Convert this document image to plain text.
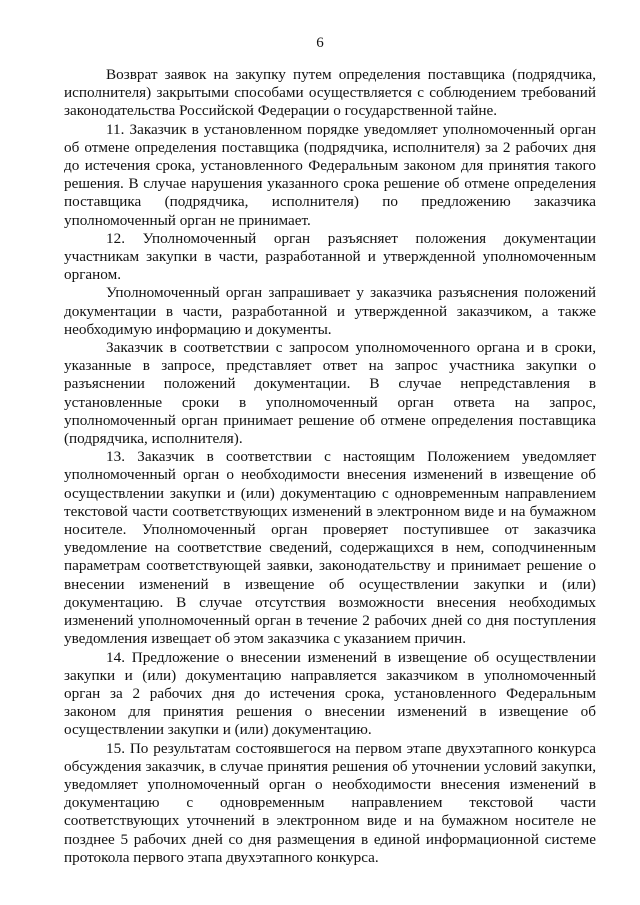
6

Возврат заявок на закупку путем определения поставщика (подрядчика, исполнителя) закрытыми способами осуществляется с соблюдением требований законодательства Российской Федерации о государственной тайне.

11. Заказчик в установленном порядке уведомляет уполномоченный орган об отмене определения поставщика (подрядчика, исполнителя) за 2 рабочих дня до истечения срока, установленного Федеральным законом для принятия такого решения. В случае нарушения указанного срока решение об отмене определения поставщика (подрядчика, исполнителя) по предложению заказчика уполномоченный орган не принимает.

12. Уполномоченный орган разъясняет положения документации участникам закупки в части, разработанной и утвержденной уполномоченным органом.

Уполномоченный орган запрашивает у заказчика разъяснения положений документации в части, разработанной и утвержденной заказчиком, а также необходимую информацию и документы.

Заказчик в соответствии с запросом уполномоченного органа и в сроки, указанные в запросе, представляет ответ на запрос участника закупки о разъяснении положений документации. В случае непредставления в установленные сроки в уполномоченный орган ответа на запрос, уполномоченный орган принимает решение об отмене определения поставщика (подрядчика, исполнителя).

13. Заказчик в соответствии с настоящим Положением уведомляет уполномоченный орган о необходимости внесения изменений в извещение об осуществлении закупки и (или) документацию с одновременным направлением текстовой части соответствующих изменений в электронном виде и на бумажном носителе. Уполномоченный орган проверяет поступившее от заказчика уведомление на соответствие сведений, содержащихся в нем, соподчиненным параметрам соответствующей заявки, законодательству и принимает решение о внесении изменений в извещение об осуществлении закупки и (или) документацию. В случае отсутствия возможности внесения необходимых изменений уполномоченный орган в течение 2 рабочих дней со дня поступления уведомления извещает об этом заказчика с указанием причин.

14. Предложение о внесении изменений в извещение об осуществлении закупки и (или) документацию направляется заказчиком в уполномоченный орган за 2 рабочих дня до истечения срока, установленного Федеральным законом для принятия решения о внесении изменений в извещение об осуществлении закупки и (или) документацию.

15. По результатам состоявшегося на первом этапе двухэтапного конкурса обсуждения заказчик, в случае принятия решения об уточнении условий закупки, уведомляет уполномоченный орган о необходимости внесения изменений в документацию с одновременным направлением текстовой части соответствующих уточнений в электронном виде и на бумажном носителе не позднее 5 рабочих дней со дня размещения в единой информационной системе протокола первого этапа двухэтапного конкурса.
